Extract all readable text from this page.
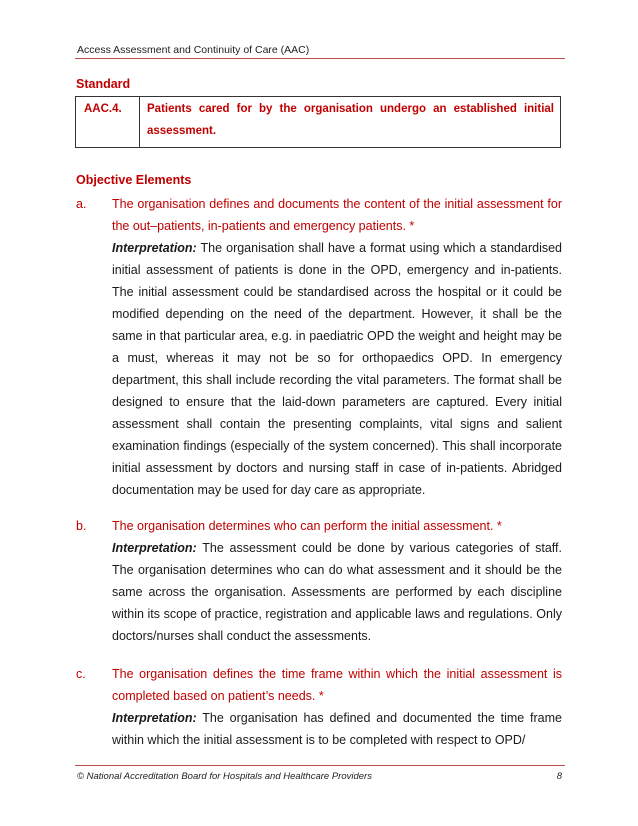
Access Assessment and Continuity of Care (AAC)
Standard
AAC.4.	Patients cared for by the organisation undergo an established initial assessment.
Objective Elements
a. The organisation defines and documents the content of the initial assessment for the out–patients, in-patients and emergency patients. *
Interpretation: The organisation shall have a format using which a standardised initial assessment of patients is done in the OPD, emergency and in-patients. The initial assessment could be standardised across the hospital or it could be modified depending on the need of the department. However, it shall be the same in that particular area, e.g. in paediatric OPD the weight and height may be a must, whereas it may not be so for orthopaedics OPD. In emergency department, this shall include recording the vital parameters. The format shall be designed to ensure that the laid-down parameters are captured. Every initial assessment shall contain the presenting complaints, vital signs and salient examination findings (especially of the system concerned). This shall incorporate initial assessment by doctors and nursing staff in case of in-patients. Abridged documentation may be used for day care as appropriate.
b. The organisation determines who can perform the initial assessment. *
Interpretation: The assessment could be done by various categories of staff. The organisation determines who can do what assessment and it should be the same across the organisation. Assessments are performed by each discipline within its scope of practice, registration and applicable laws and regulations. Only doctors/nurses shall conduct the assessments.
c. The organisation defines the time frame within which the initial assessment is completed based on patient’s needs. *
Interpretation: The organisation has defined and documented the time frame within which the initial assessment is to be completed with respect to OPD/
© National Accreditation Board for Hospitals and Healthcare Providers	8
